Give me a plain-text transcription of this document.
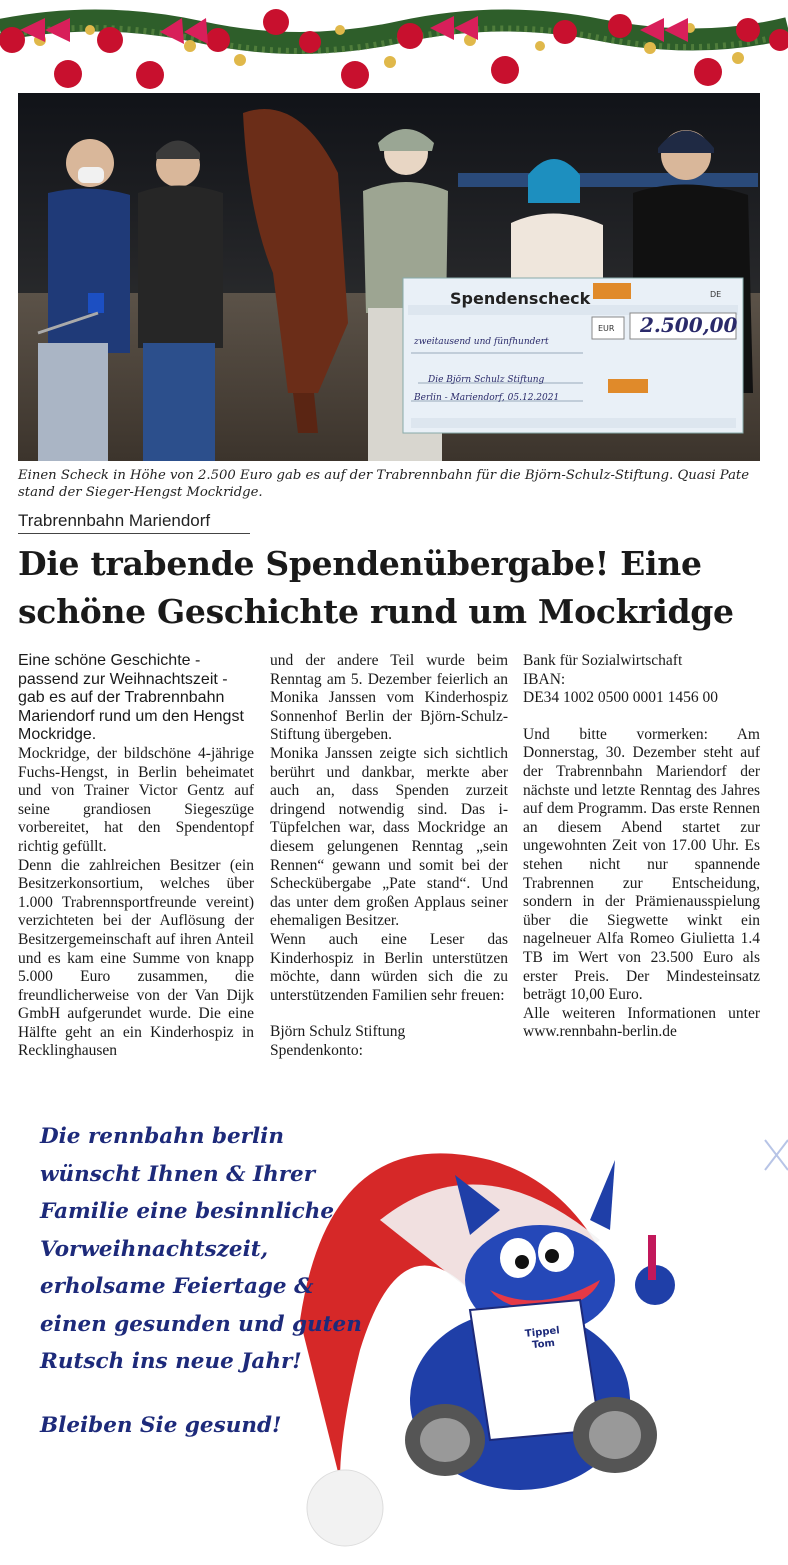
Spendenscheck	DE
zweitausend und fünfhundert
EUR 2.500,00
Die Björn Schulz Stiftung
Berlin - Mariendorf, 05.12.2021
Einen Scheck in Höhe von 2.500 Euro gab es auf der Trabrennbahn für die Björn-Schulz-Stiftung. Quasi Pate stand der Sieger-Hengst Mockridge.
Trabrennbahn Mariendorf
Die trabende Spendenübergabe! Eine schöne Geschichte rund um Mockridge

Eine schöne Geschichte - passend zur Weihnachtszeit - gab es auf der Trabrennbahn Mariendorf rund um den Hengst Mockridge.

Mockridge, der bildschöne 4-jährige Fuchs-Hengst, in Berlin beheimatet und von Trainer Victor Gentz auf seine grandiosen Siegeszüge vorbereitet, hat den Spendentopf richtig gefüllt.

Denn die zahlreichen Besitzer (ein Besitzerkonsortium, welches über 1.000 Trabrennsportfreunde vereint) verzichteten bei der Auflösung der Besitzergemeinschaft auf ihren Anteil und es kam eine Summe von knapp 5.000 Euro zusammen, die freundlicherweise von der Van Dijk GmbH aufgerundet wurde. Die eine Hälfte geht an ein Kinderhospiz in Recklinghausen

und der andere Teil wurde beim Renntag am 5. Dezember feierlich an Monika Janssen vom Kinderhospiz Sonnenhof Berlin der Björn-Schulz-Stiftung übergeben.

Monika Janssen zeigte sich sichtlich berührt und dankbar, merkte aber auch an, dass Spenden zurzeit dringend notwendig sind. Das i-Tüpfelchen war, dass Mockridge an diesem gelungenen Renntag „sein Rennen“ gewann und somit bei der Scheckübergabe „Pate stand“. Und das unter dem großen Applaus seiner ehemaligen Besitzer.

Wenn auch eine Leser das Kinderhospiz in Berlin unterstützen möchte, dann würden sich die zu unterstützenden Familien sehr freuen:

Björn Schulz Stiftung

Spendenkonto:

Bank für Sozialwirtschaft

IBAN:

DE34 1002 0500 0001 1456 00

Und bitte vormerken: Am Donnerstag, 30. Dezember steht auf der Trabrennbahn Mariendorf der nächste und letzte Renntag des Jahres auf dem Programm. Das erste Rennen an diesem Abend startet zur ungewohnten Zeit von 17.00 Uhr. Es stehen nicht nur spannende Trabrennen zur Entscheidung, sondern in der Prämienausspielung über die Siegwette winkt ein nagelneuer Alfa Romeo Giulietta 1.4 TB im Wert von 23.500 Euro als erster Preis. Der Mindesteinsatz beträgt 10,00 Euro.

Alle weiteren Informationen unter www.rennbahn-berlin.de

Die rennbahn berlin
wünscht Ihnen & Ihrer
Familie eine besinnliche
Vorweihnachtszeit,
erholsame Feiertage &
einen gesunden und guten
Rutsch ins neue Jahr!
Bleiben Sie gesund!
Tippel Tom
